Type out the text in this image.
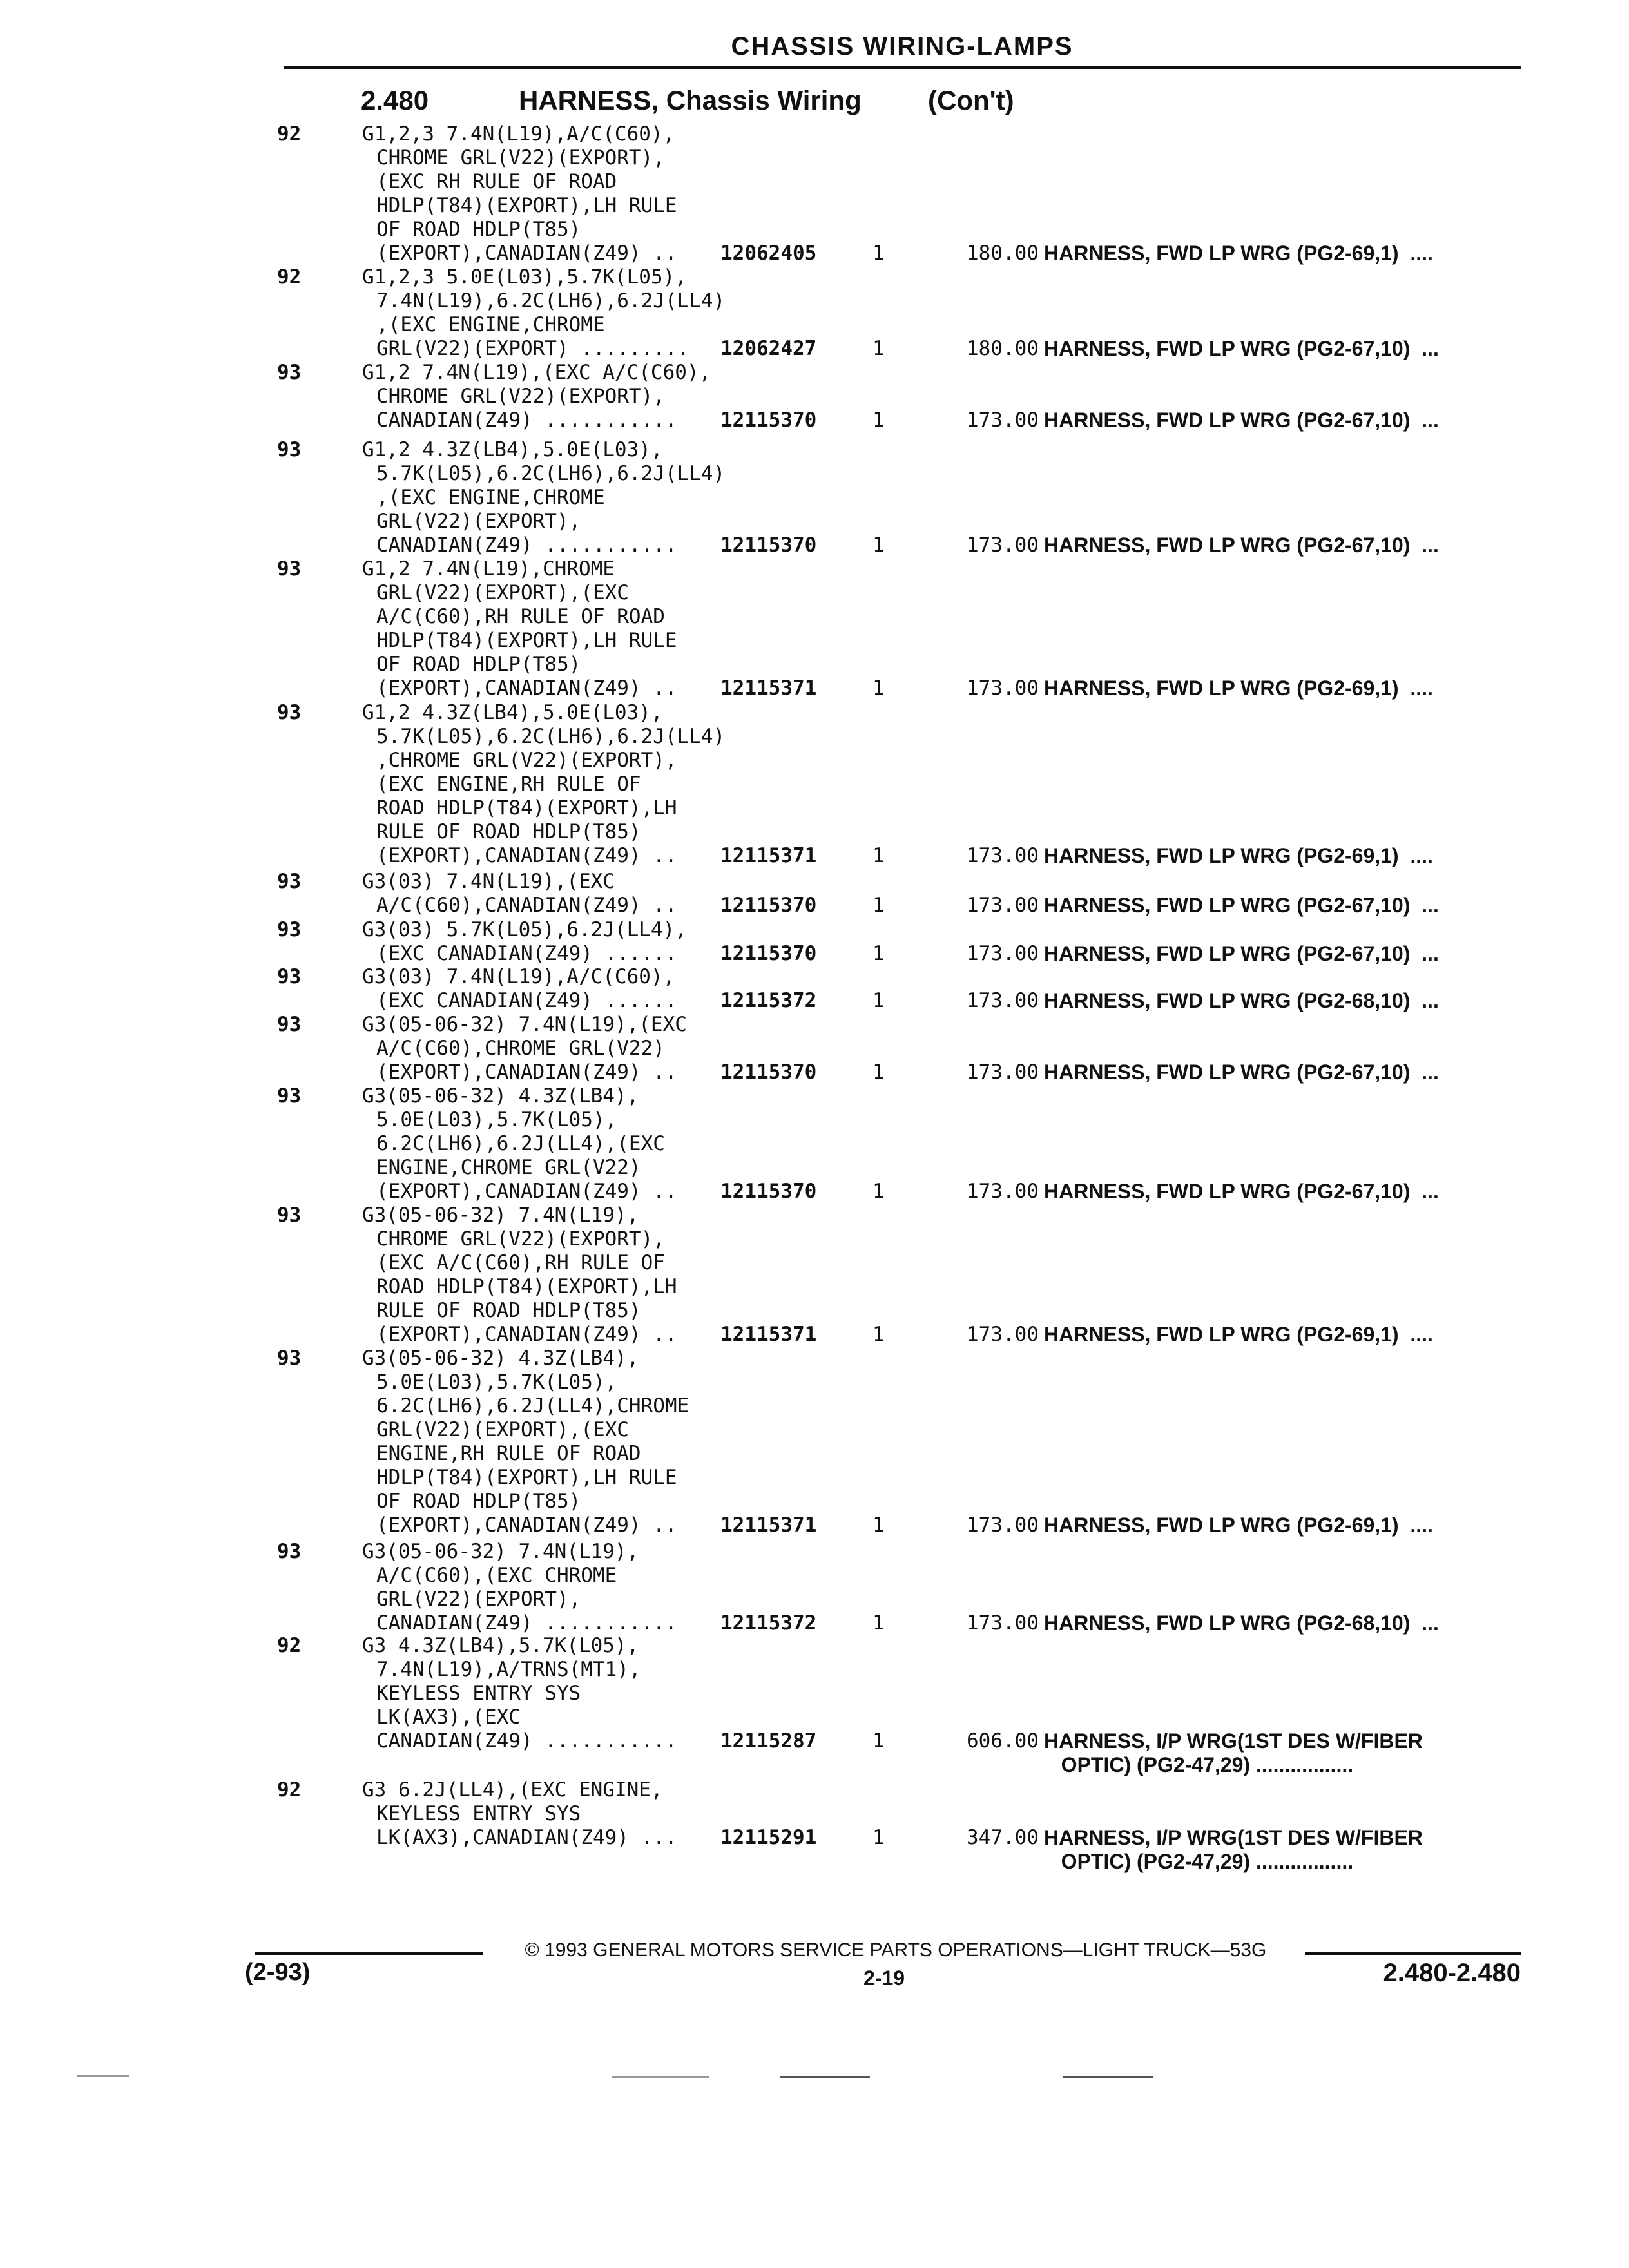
CHASSIS WIRING-LAMPS

2.480

	HARNESS, Chassis Wiring

(Con't)

92	G1,2,3 7.4N(L19),A/C(C60),
CHROME GRL(V22)(EXPORT),
(EXC RH RULE OF ROAD
HDLP(T84)(EXPORT),LH RULE
OF ROAD HDLP(T85)
(EXPORT),CANADIAN(Z49) ..	12062405	1	180.00 HARNESS, FWD LP WRG (PG2-69,1)  ....
92	G1,2,3 5.0E(L03),5.7K(L05),
7.4N(L19),6.2C(LH6),6.2J(LL4)
,(EXC ENGINE,CHROME
GRL(V22)(EXPORT) .........	12062427	1	180.00 HARNESS, FWD LP WRG (PG2-67,10)  ...
93	G1,2 7.4N(L19),(EXC A/C(C60),
CHROME GRL(V22)(EXPORT),
CANADIAN(Z49) ...........	12115370	1	173.00 HARNESS, FWD LP WRG (PG2-67,10)  ...
93	G1,2 4.3Z(LB4),5.0E(L03),
5.7K(L05),6.2C(LH6),6.2J(LL4)
,(EXC ENGINE,CHROME
GRL(V22)(EXPORT),
CANADIAN(Z49) ...........	12115370	1	173.00 HARNESS, FWD LP WRG (PG2-67,10)  ...
93	G1,2 7.4N(L19),CHROME
GRL(V22)(EXPORT),(EXC
A/C(C60),RH RULE OF ROAD
HDLP(T84)(EXPORT),LH RULE
OF ROAD HDLP(T85)
(EXPORT),CANADIAN(Z49) ..	12115371	1	173.00 HARNESS, FWD LP WRG (PG2-69,1)  ....
93	G1,2 4.3Z(LB4),5.0E(L03),
5.7K(L05),6.2C(LH6),6.2J(LL4)
,CHROME GRL(V22)(EXPORT),
(EXC ENGINE,RH RULE OF
ROAD HDLP(T84)(EXPORT),LH
RULE OF ROAD HDLP(T85)
(EXPORT),CANADIAN(Z49) ..	12115371	1	173.00 HARNESS, FWD LP WRG (PG2-69,1)  ....
93	G3(03) 7.4N(L19),(EXC
A/C(C60),CANADIAN(Z49) ..	12115370	1	173.00 HARNESS, FWD LP WRG (PG2-67,10)  ...
93	G3(03) 5.7K(L05),6.2J(LL4),
(EXC CANADIAN(Z49) ......	12115370	1	173.00 HARNESS, FWD LP WRG (PG2-67,10)  ...
93	G3(03) 7.4N(L19),A/C(C60),
(EXC CANADIAN(Z49) ......	12115372	1	173.00 HARNESS, FWD LP WRG (PG2-68,10)  ...
93	G3(05-06-32) 7.4N(L19),(EXC
A/C(C60),CHROME GRL(V22)
(EXPORT),CANADIAN(Z49) ..	12115370	1	173.00 HARNESS, FWD LP WRG (PG2-67,10)  ...
93	G3(05-06-32) 4.3Z(LB4),
5.0E(L03),5.7K(L05),
6.2C(LH6),6.2J(LL4),(EXC
ENGINE,CHROME GRL(V22)
(EXPORT),CANADIAN(Z49) ..	12115370	1	173.00 HARNESS, FWD LP WRG (PG2-67,10)  ...
93	G3(05-06-32) 7.4N(L19),
CHROME GRL(V22)(EXPORT),
(EXC A/C(C60),RH RULE OF
ROAD HDLP(T84)(EXPORT),LH
RULE OF ROAD HDLP(T85)
(EXPORT),CANADIAN(Z49) ..	12115371	1	173.00 HARNESS, FWD LP WRG (PG2-69,1)  ....
93	G3(05-06-32) 4.3Z(LB4),
5.0E(L03),5.7K(L05),
6.2C(LH6),6.2J(LL4),CHROME
GRL(V22)(EXPORT),(EXC
ENGINE,RH RULE OF ROAD
HDLP(T84)(EXPORT),LH RULE
OF ROAD HDLP(T85)
(EXPORT),CANADIAN(Z49) ..	12115371	1	173.00 HARNESS, FWD LP WRG (PG2-69,1)  ....
93	G3(05-06-32) 7.4N(L19),
A/C(C60),(EXC CHROME
GRL(V22)(EXPORT),
CANADIAN(Z49) ...........	12115372	1	173.00 HARNESS, FWD LP WRG (PG2-68,10)  ...
92	G3 4.3Z(LB4),5.7K(L05),
7.4N(L19),A/TRNS(MT1),
KEYLESS ENTRY SYS
LK(AX3),(EXC
CANADIAN(Z49) ...........	12115287	1	606.00 HARNESS, I/P WRG(1ST DES W/FIBER
OPTIC) (PG2-47,29) .................
92	G3 6.2J(LL4),(EXC ENGINE,
KEYLESS ENTRY SYS
LK(AX3),CANADIAN(Z49) ...	12115291	1	347.00 HARNESS, I/P WRG(1ST DES W/FIBER
OPTIC) (PG2-47,29) .................
© 1993 GENERAL MOTORS SERVICE PARTS OPERATIONS—LIGHT TRUCK—53G
(2-93)	2-19	2.480-2.480
